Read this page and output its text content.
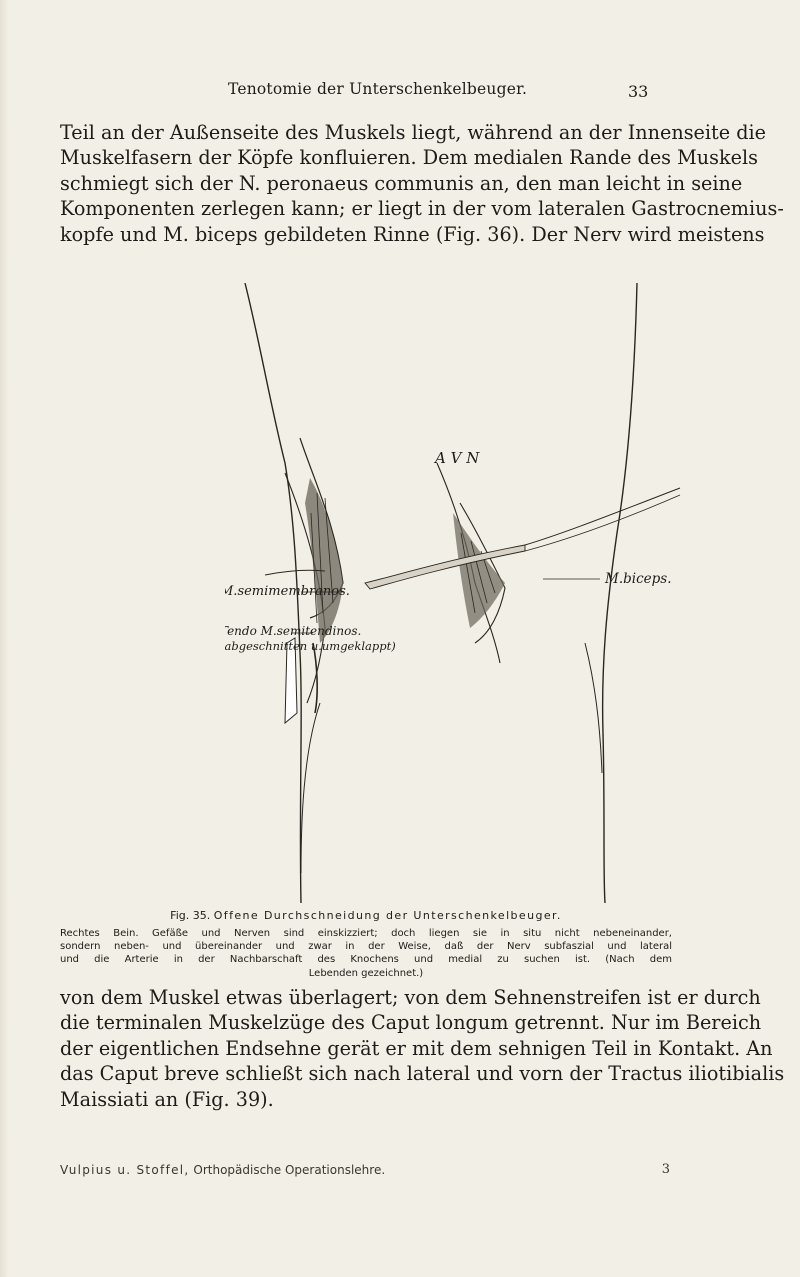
Tenotomie der Unterschenkelbeuger.	33

Teil an der Außenseite des Muskels liegt, während an der Innenseite die
Muskelfasern der Köpfe konfluieren. Dem medialen Rande des Muskels
schmiegt sich der N. peronaeus communis an, den man leicht in seine
Komponenten zerlegen kann; er liegt in der vom lateralen Gastrocnemius-
kopfe und M. biceps gebildeten Rinne (Fig. 36). Der Nerv wird meistens

A V N
M.semimembranos.
Tendo M.semitendinos.
(abgeschnitten u.umgeklappt)
M.biceps.
Fig. 35. Offene Durchschneidung der Unterschenkelbeuger.
Rechtes Bein. Gefäße und Nerven sind einskizziert; doch liegen sie in situ nicht nebeneinander,
sondern neben- und übereinander und zwar in der Weise, daß der Nerv subfaszial und lateral
und die Arterie in der Nachbarschaft des Knochens und medial zu suchen ist. (Nach dem
Lebenden gezeichnet.)

von dem Muskel etwas überlagert; von dem Sehnenstreifen ist er durch
die terminalen Muskelzüge des Caput longum getrennt. Nur im Bereich
der eigentlichen Endsehne gerät er mit dem sehnigen Teil in Kontakt. An
das Caput breve schließt sich nach lateral und vorn der Tractus iliotibialis
Maissiati an (Fig. 39).

Vulpius u. Stoffel, Orthopädische Operationslehre.	3
